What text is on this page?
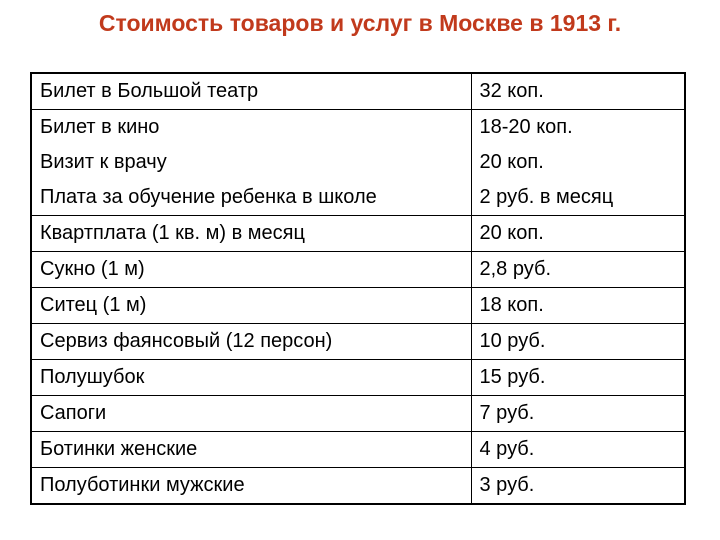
Стоимость товаров и услуг в Москве в 1913 г.
Билет в Большой театр	32 коп.
Билет в кино	18-20 коп.
Визит к врачу	20 коп.
Плата за обучение ребенка в школе	2 руб. в месяц
Квартплата (1 кв. м) в месяц	20 коп.
Сукно (1 м)	2,8 руб.
Ситец (1 м)	18 коп.
Сервиз фаянсовый (12 персон)	10 руб.
Полушубок	15 руб.
Сапоги	7 руб.
Ботинки женские	4 руб.
Полуботинки мужские	3 руб.
